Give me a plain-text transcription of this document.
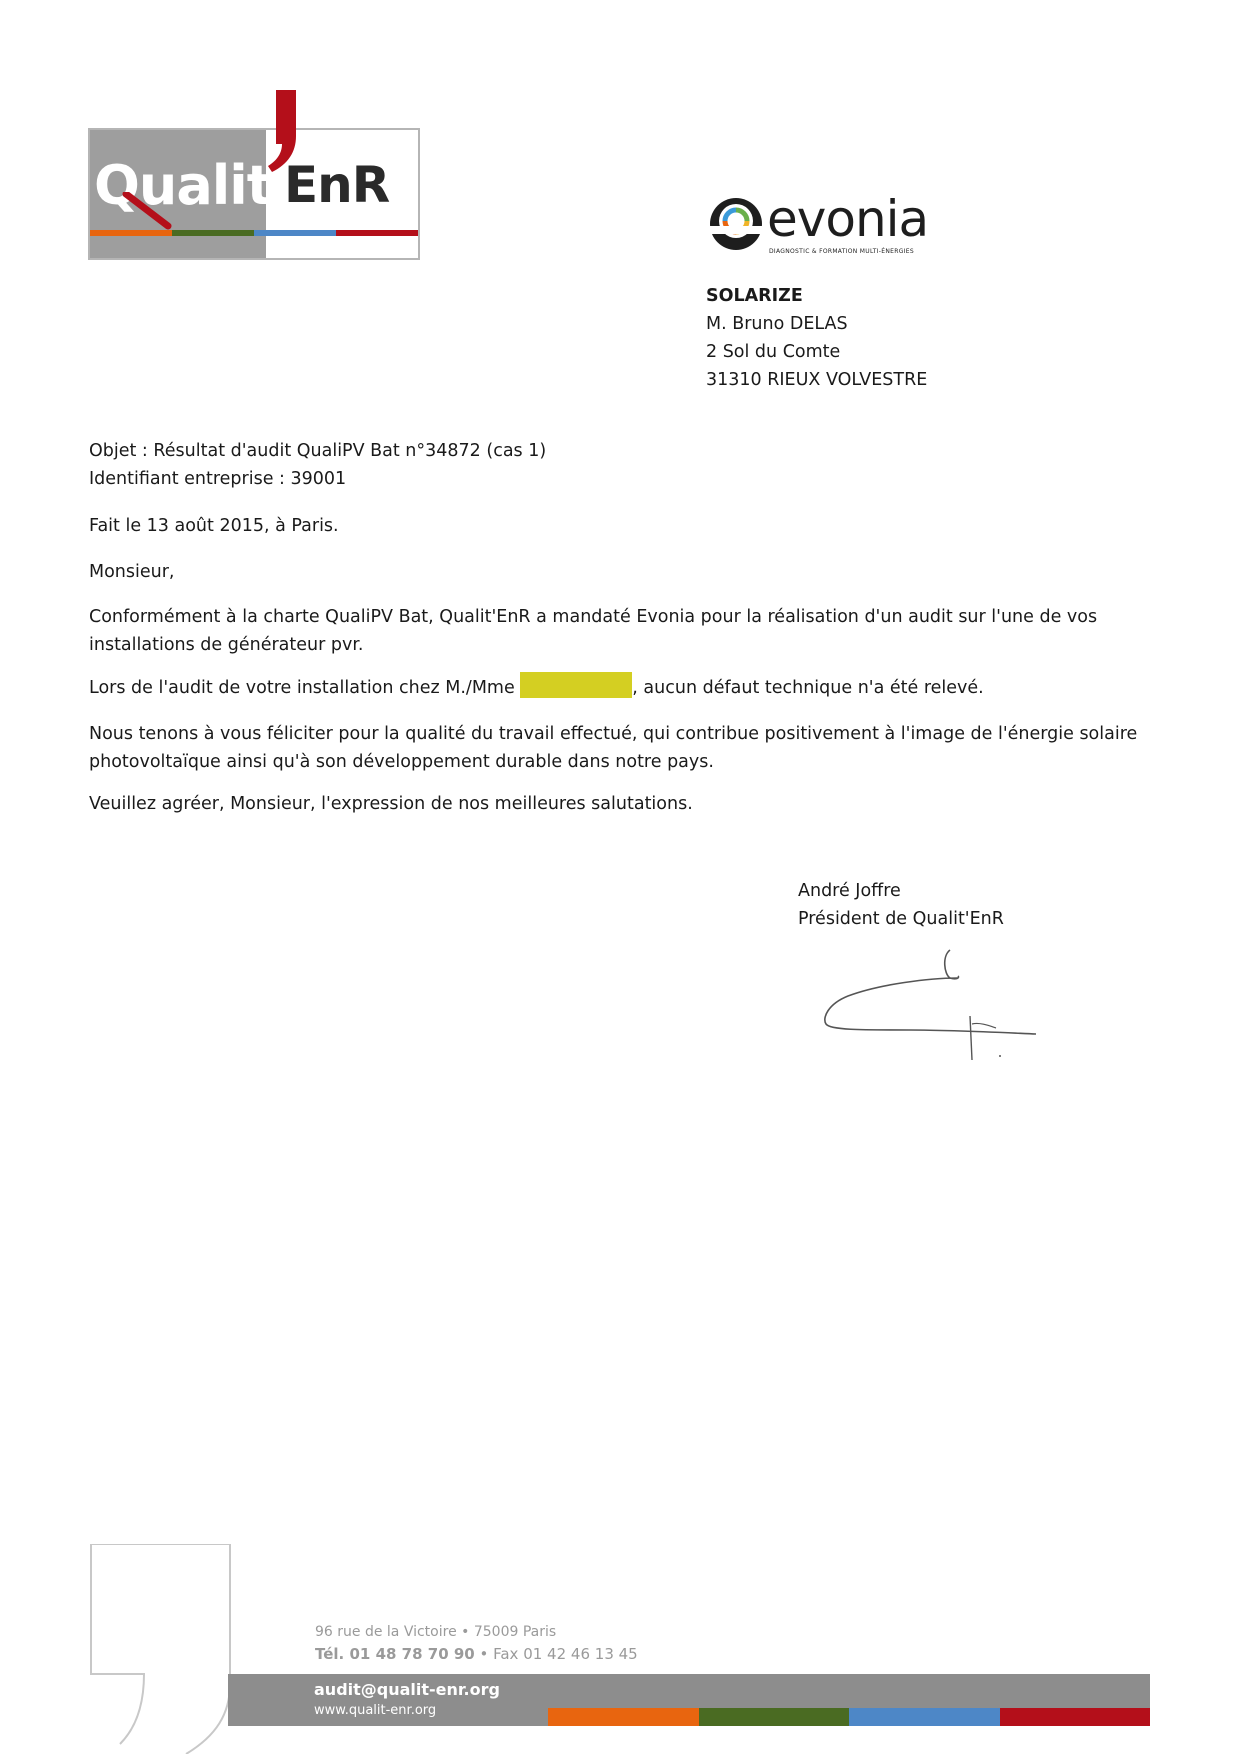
Qualit EnR
evonia
DIAGNOSTIC & FORMATION MULTI-ÉNERGIES
SOLARIZE
M. Bruno DELAS
2 Sol du Comte
31310 RIEUX VOLVESTRE
Objet : Résultat d'audit QualiPV Bat n°34872 (cas 1)
Identifiant entreprise : 39001
Fait le 13 août 2015, à Paris.
Monsieur,
Conformément à la charte QualiPV Bat, Qualit'EnR a mandaté Evonia pour la réalisation d'un audit sur l'une de vos installations de générateur pvr.
Lors de l'audit de votre installation chez M./Mme	, aucun défaut technique n'a été relevé.
Nous tenons à vous féliciter pour la qualité du travail effectué, qui contribue positivement à l'image de l'énergie solaire photovoltaïque ainsi qu'à son développement durable dans notre pays.
Veuillez agréer, Monsieur, l'expression de nos meilleures salutations.
André Joffre
Président de Qualit'EnR
96 rue de la Victoire • 75009 Paris
Tél. 01 48 78 70 90 • Fax 01 42 46 13 45
audit@qualit-enr.org
www.qualit-enr.org
